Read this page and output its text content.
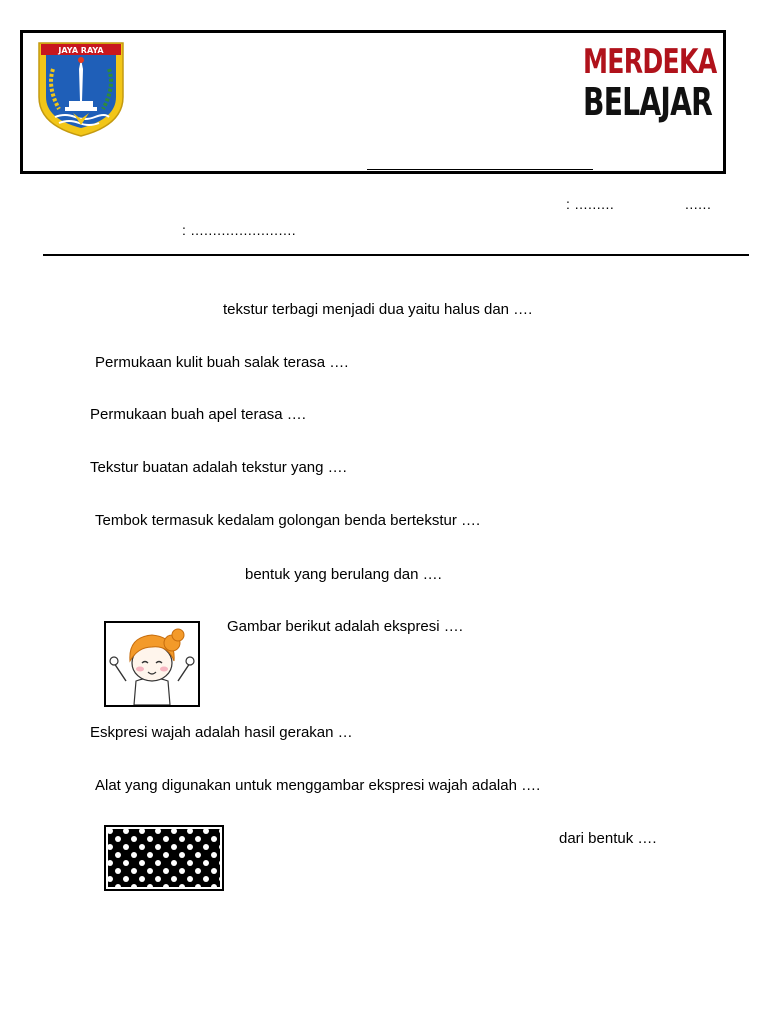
JAYA RAYA	MERDEKA
BELAJAR
: .........	......
: ........................
tekstur terbagi menjadi dua yaitu halus dan ….
Permukaan kulit buah salak terasa ….
Permukaan buah apel terasa ….
Tekstur buatan adalah tekstur yang ….
Tembok termasuk kedalam golongan benda bertekstur ….
bentuk yang berulang dan ….
Gambar berikut adalah ekspresi ….
Eskpresi wajah adalah hasil gerakan …
Alat yang digunakan untuk menggambar ekspresi wajah adalah ….
dari bentuk ….
